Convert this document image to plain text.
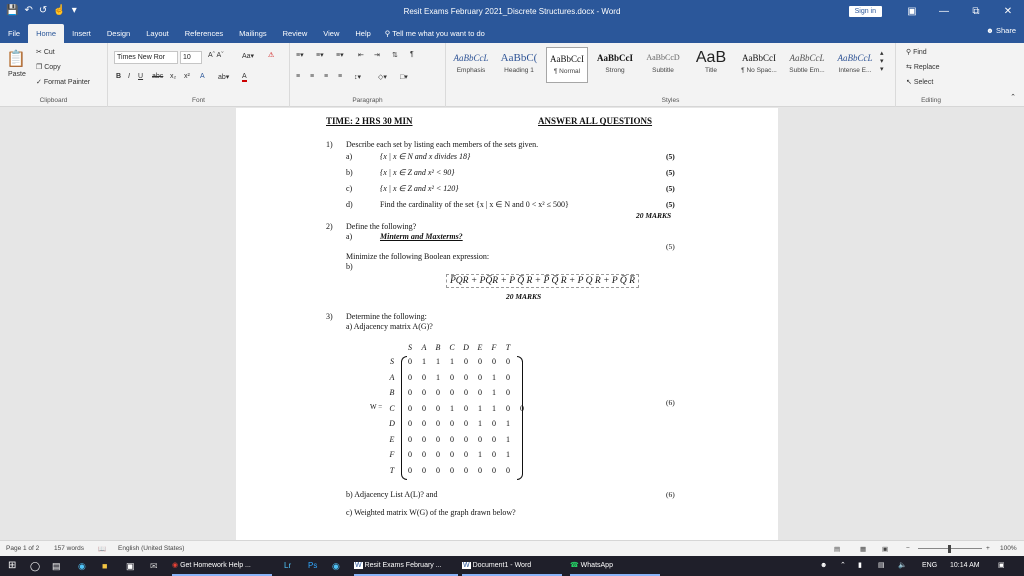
💾 ↶ ↺ ☝ ▾	Resit Exams February 2021_Discrete Structures.docx - Word	Sign in	▣	—	⧉	✕
File	Home	Insert	Design	Layout	References	Mailings	Review	View	Help	⚲ Tell me what you want to do	☻ Share
📋
Paste
✂ Cut
❐ Copy
✓ Format Painter
Clipboard
Times New Ror	10	Aˆ Aˇ	Aa▾ ⚠
B I U abc x₂ x² A ab▾ A
Font
≡▾ ≡▾ ≡▾ ⇤ ⇥ ⇅ ¶
≡ ≡ ≡ ≡ ↕▾ ◇▾ □▾
Paragraph
AaBbCcL
Emphasis
AaBbC(
Heading 1
AaBbCcI
¶ Normal
AaBbCcI
Strong
AaBbCcD
Subtitle
AaB
Title
AaBbCcI
¶ No Spac...
AaBbCcL
Subtle Em...
AaBbCcL
Intense E...
▴
▾
▾
Styles
⚲ Find
⇆ Replace
↖ Select
Editing	⌃
TIME: 2 HRS 30 MIN	ANSWER ALL QUESTIONS
1) Describe each set by listing each members of the sets given.
a)	{x | x ∈ N and x divides 18}	(5)
b)	{x | x ∈ Z and x² < 90}	(5)
c)	{x | x ∈ Z and x² < 120}	(5)
d)	Find the cardinality of the set {x | x ∈ N and 0 < x² ≤ 500}	(5)
20 MARKS
2) Define the following?
a)	Minterm and Maxterms?
(5)
Minimize the following Boolean expression:
b)
P̅QR + PQ̅R + P Q̅ R + P̅ Q̅ R + P Q R + P Q̅ R̅
20 MARKS
3) Determine the following:
a) Adjacency matrix A(G)?
S	A	B	C	D	E	F	T
S	0	1	1	1	0	0	0	0
A	0	0	1	0	0	0	1	0
B	0	0	0	0	0	0	1	0
C	0	0	0	1	0	1	1	0	0
D	0	0	0	0	0	1	0	1
E	0	0	0	0	0	0	0	1
F	0	0	0	0	0	1	0	1
T	0	0	0	0	0	0	0	0
W =	(6)
b) Adjacency List A(L)? and	(6)
c) Weighted matrix W(G) of the graph drawn below?
Page 1 of 2 157 words 📖 English (United States)	▤	▦ ▣	−	+ 100%
⊞ ◯ ▤ ◉ ■ ▣ ✉ ◉ Get Homework Help ...	Lr Ps ◉ W Resit Exams February ...	W Document1 - Word	☎ WhatsApp	☻ ⌃ ▮ ▤ 🔈 ENG 10:14 AM	▣
